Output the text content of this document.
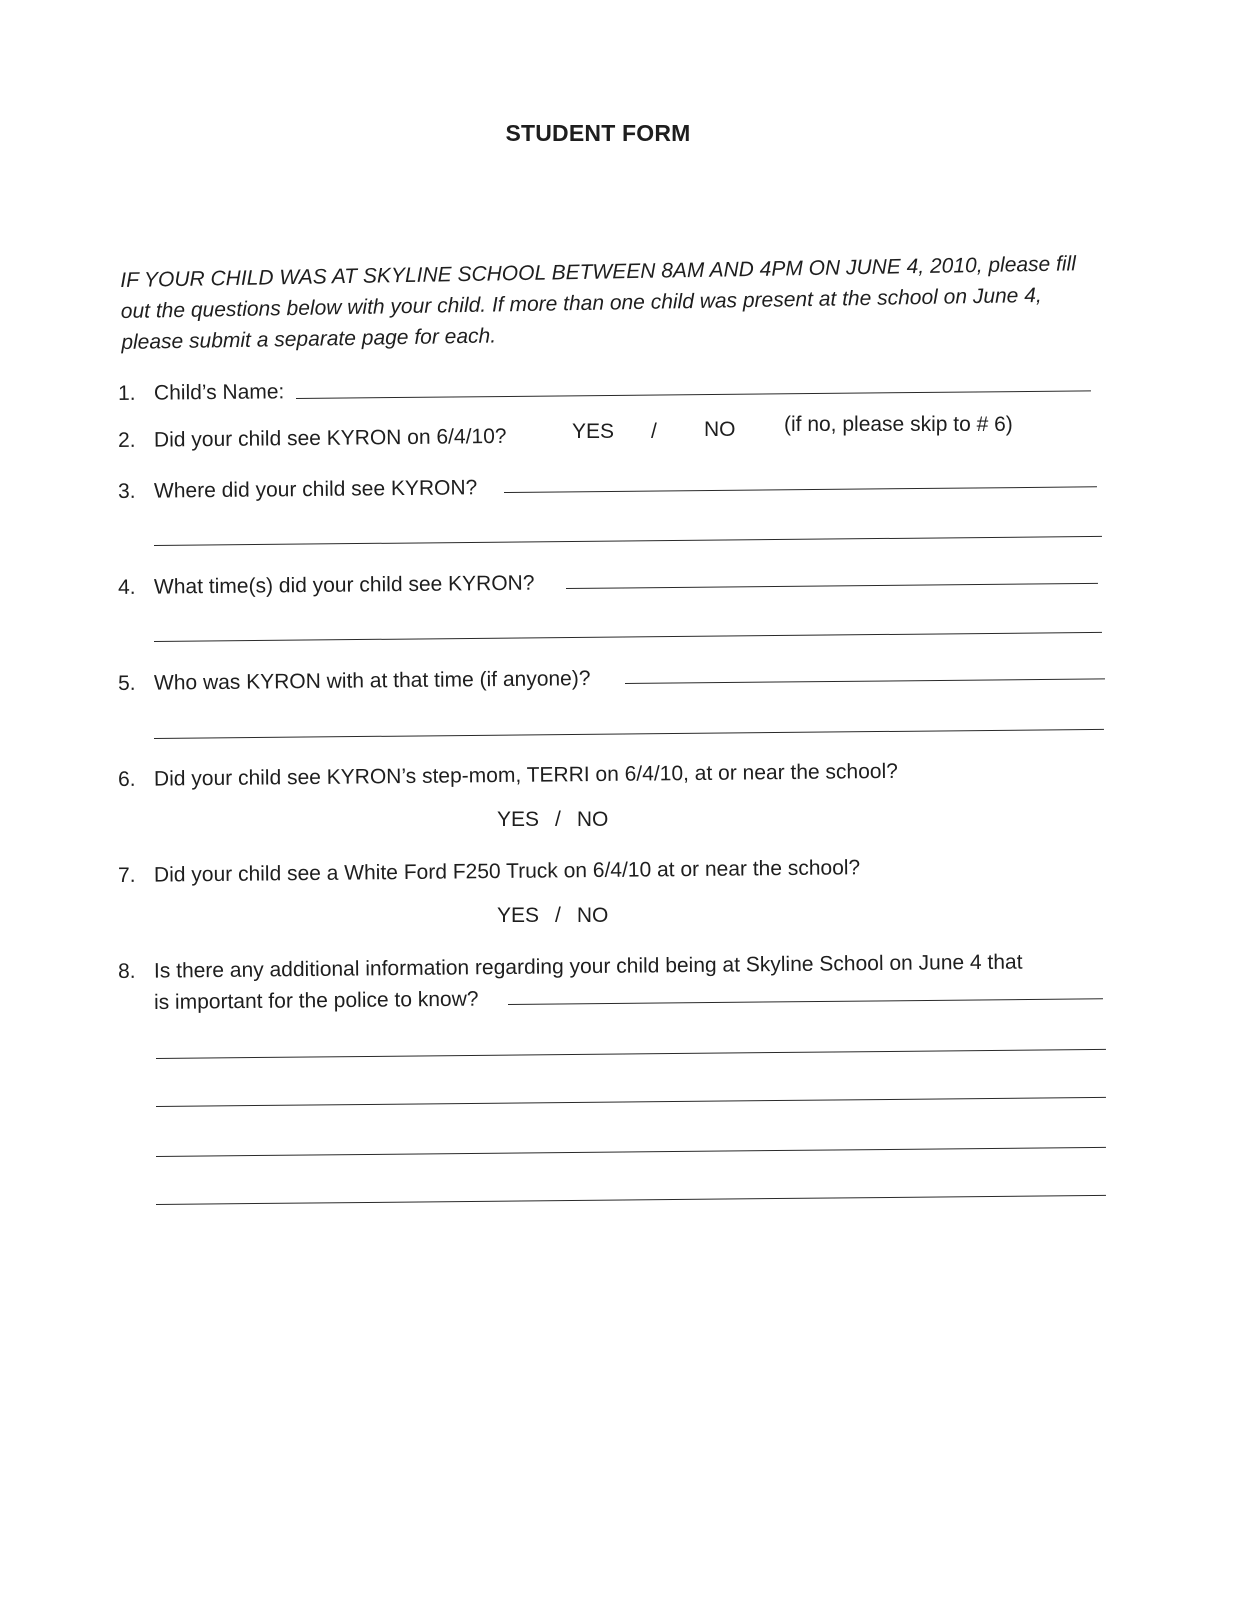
STUDENT FORM
IF YOUR CHILD WAS AT SKYLINE SCHOOL BETWEEN 8AM AND 4PM ON JUNE 4, 2010, please fill out the questions below with your child. If more than one child was present at the school on June 4, please submit a separate page for each.
1. Child’s Name:
2. Did your child see KYRON on 6/4/10?	YES / NO (if no, please skip to # 6)
3. Where did your child see KYRON?
4. What time(s) did your child see KYRON?
5. Who was KYRON with at that time (if anyone)?
6. Did your child see KYRON’s step-mom, TERRI on 6/4/10, at or near the school?
YES / NO
7. Did your child see a White Ford F250 Truck on 6/4/10 at or near the school?
YES / NO
8. Is there any additional information regarding your child being at Skyline School on June 4 that
is important for the police to know?
